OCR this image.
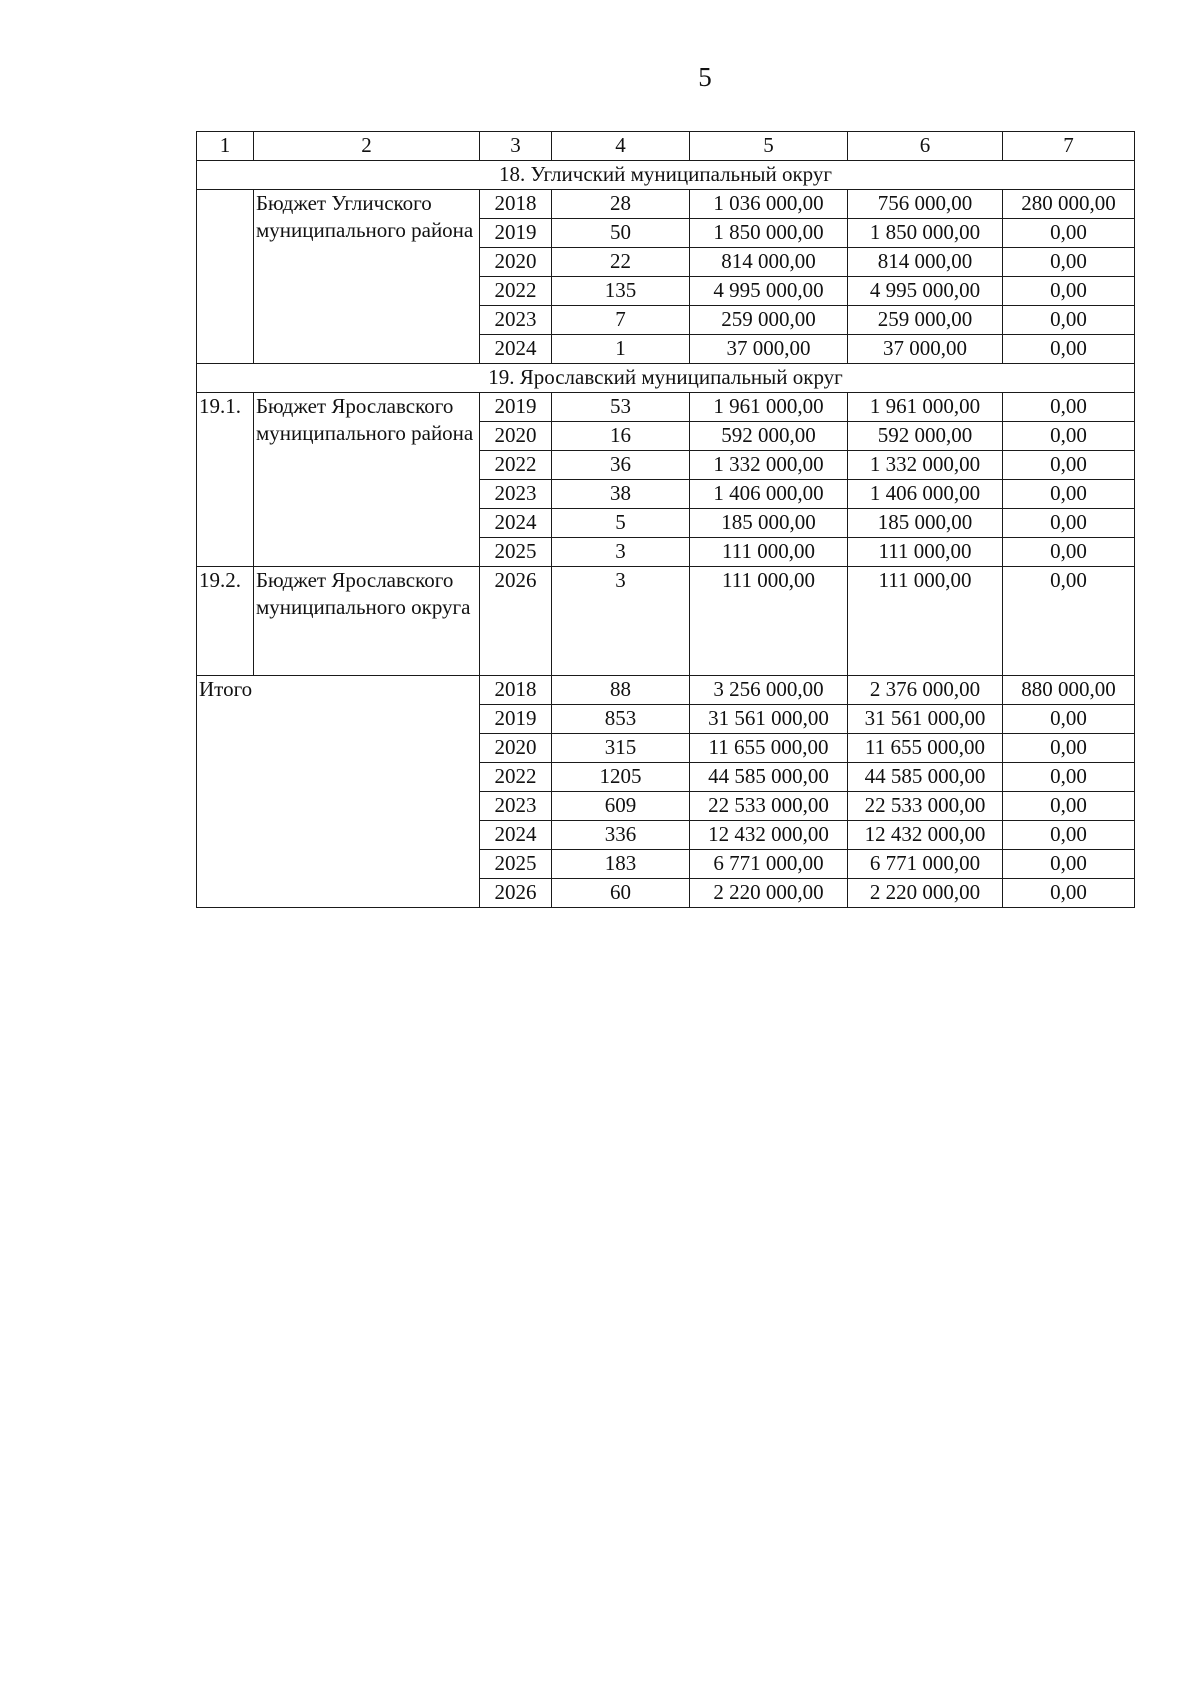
5
1	2	3	4	5	6	7
18. Угличский муниципальный округ						
	Бюджет Угличского муниципального района	2018	28	1 036 000,00	756 000,00	280 000,00
		2019	50	1 850 000,00	1 850 000,00	0,00
		2020	22	814 000,00	814 000,00	0,00
		2022	135	4 995 000,00	4 995 000,00	0,00
		2023	7	259 000,00	259 000,00	0,00
		2024	1	37 000,00	37 000,00	0,00
19. Ярославский муниципальный округ						
19.1.	Бюджет Ярославского муниципального района	2019	53	1 961 000,00	1 961 000,00	0,00
		2020	16	592 000,00	592 000,00	0,00
		2022	36	1 332 000,00	1 332 000,00	0,00
		2023	38	1 406 000,00	1 406 000,00	0,00
		2024	5	185 000,00	185 000,00	0,00
		2025	3	111 000,00	111 000,00	0,00
19.2.	Бюджет Ярославского муниципального округа	2026	3	111 000,00	111 000,00	0,00
Итого		2018	88	3 256 000,00	2 376 000,00	880 000,00
		2019	853	31 561 000,00	31 561 000,00	0,00
		2020	315	11 655 000,00	11 655 000,00	0,00
		2022	1205	44 585 000,00	44 585 000,00	0,00
		2023	609	22 533 000,00	22 533 000,00	0,00
		2024	336	12 432 000,00	12 432 000,00	0,00
		2025	183	6 771 000,00	6 771 000,00	0,00
		2026	60	2 220 000,00	2 220 000,00	0,00
